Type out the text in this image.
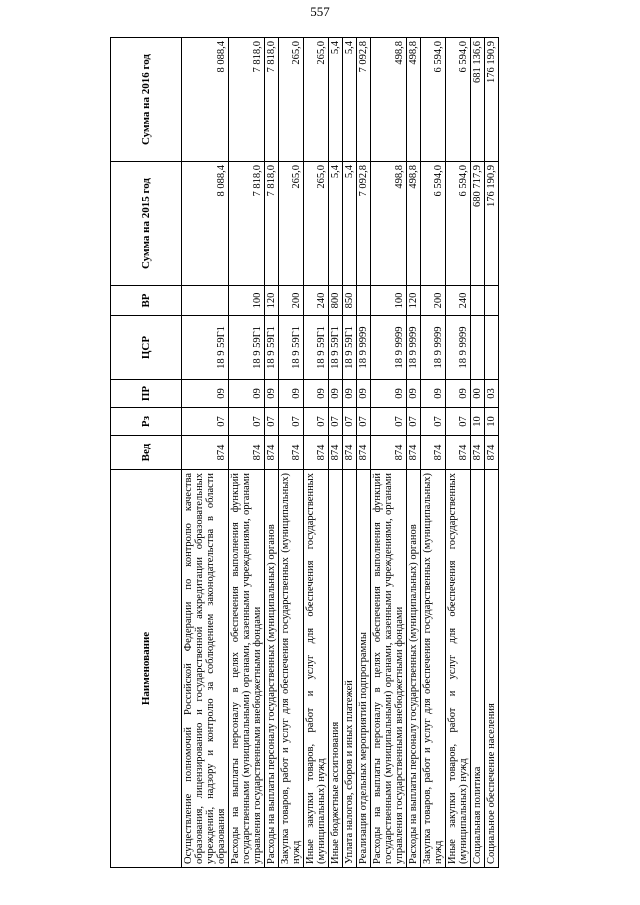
557
Наименование	Вед	Рз	ПР	ЦСР	ВР	Сумма на 2015 год	Сумма на 2016 год
Осуществление полномочий Российской Федерации по контролю качества образования, лицензированию и государственной аккредитации образовательных учреждений, надзору и контролю за соблюдением законодательства в области образования	874	07	09	18 9 59Г1		8 088,4	8 088,4
Расходы на выплаты персоналу в целях обеспечения выполнения функций государственными (муниципальными) органами, казенными учреждениями, органами управления государственными внебюджетными фондами	874	07	09	18 9 59Г1	100	7 818,0	7 818,0
Расходы на выплаты персоналу государственных (муниципальных) органов	874	07	09	18 9 59Г1	120	7 818,0	7 818,0
Закупка товаров, работ и услуг для обеспечения государственных (муниципальных) нужд	874	07	09	18 9 59Г1	200	265,0	265,0
Иные закупки товаров, работ и услуг для обеспечения государственных (муниципальных) нужд	874	07	09	18 9 59Г1	240	265,0	265,0
Иные бюджетные ассигнования	874	07	09	18 9 59Г1	800	5,4	5,4
Уплата налогов, сборов и иных платежей	874	07	09	18 9 59Г1	850	5,4	5,4
Реализация отдельных мероприятий подпрограммы	874	07	09	18 9 9999		7 092,8	7 092,8
Расходы на выплаты персоналу в целях обеспечения выполнения функций государственными (муниципальными) органами, казенными учреждениями, органами управления государственными внебюджетными фондами	874	07	09	18 9 9999	100	498,8	498,8
Расходы на выплаты персоналу государственных (муниципальных) органов	874	07	09	18 9 9999	120	498,8	498,8
Закупка товаров, работ и услуг для обеспечения государственных (муниципальных) нужд	874	07	09	18 9 9999	200	6 594,0	6 594,0
Иные закупки товаров, работ и услуг для обеспечения государственных (муниципальных) нужд	874	07	09	18 9 9999	240	6 594,0	6 594,0
Социальная политика	874	10	00			680 717,9	681 136,6
Социальное обеспечение населения	874	10	03			176 190,9	176 190,9
